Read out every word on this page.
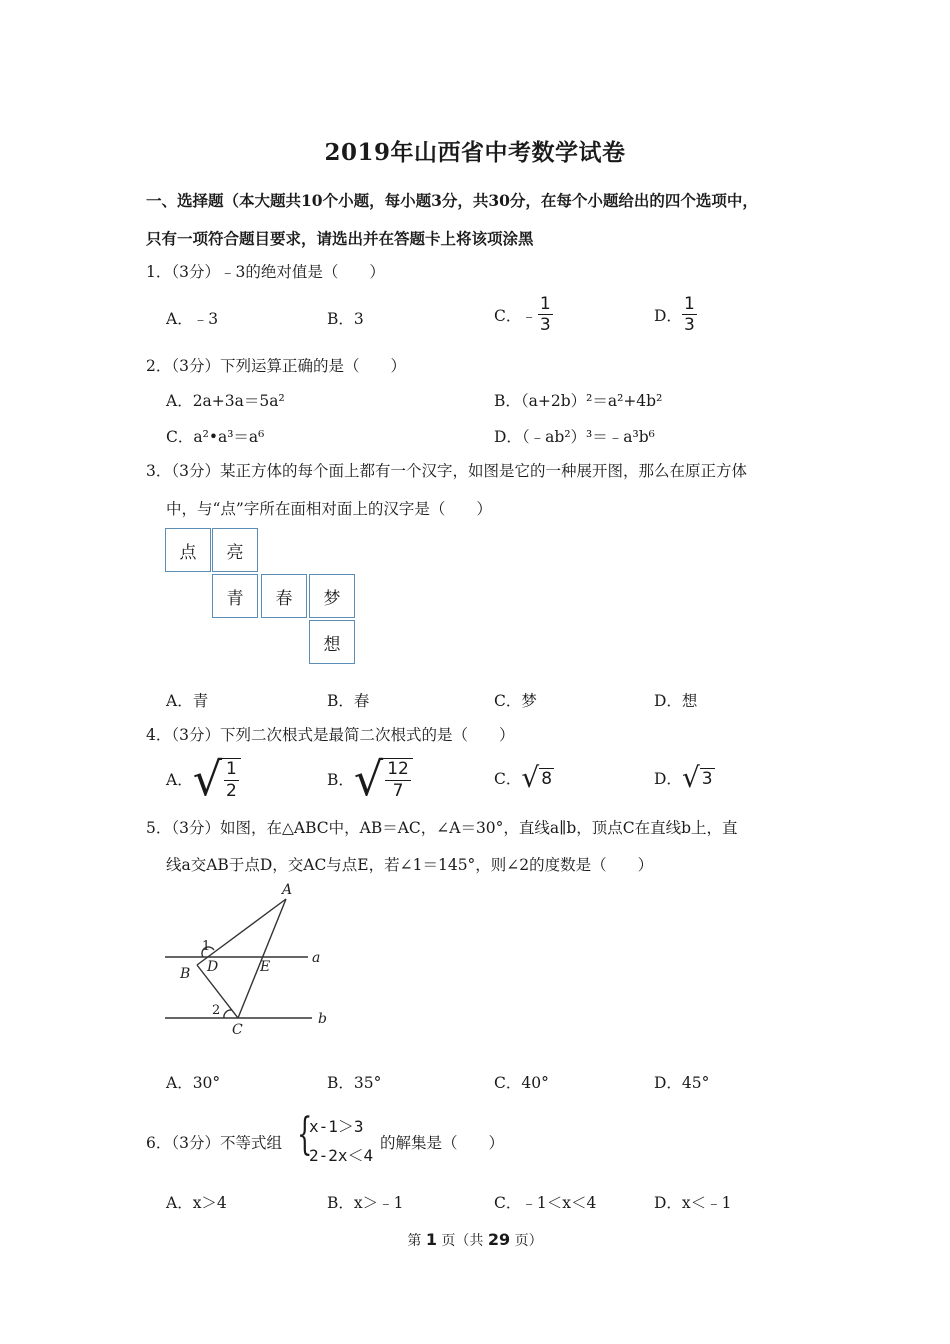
2019年山西省中考数学试卷
一、选择题（本大题共10个小题，每小题3分，共30分，在每个小题给出的四个选项中，
只有一项符合题目要求，请选出并在答题卡上将该项涂黑
1．（3分）﹣3的绝对值是（　　）
A．﹣3	B．3	C． ﹣ $\frac{1}{3}$	D． $\frac{1}{3}$
2．（3分）下列运算正确的是（　　）
A．2a+3a＝5a²	B．（a+2b）²＝a²+4b²
C．a²•a³＝a⁶	D．（﹣ab²）³＝﹣a³b⁶
3．（3分）某正方体的每个面上都有一个汉字，如图是它的一种展开图，那么在原正方体
中，与“点”字所在面相对面上的汉字是（　　）
点	亮
青	春	梦
想
A．青	B．春	C．梦	D．想
4．（3分）下列二次根式是最简二次根式的是（　　）
A． √ $\frac{1}{2}$	B． √ $\frac{12}{7}$	C． √ 8	D． √ 3
5．（3分）如图，在△ABC中，AB＝AC，∠A＝30°，直线a∥b，顶点C在直线b上，直
线a交AB于点D，交AC与点E，若∠1＝145°，则∠2的度数是（　　）
A
B
C
D	E
a
b
1
2
A．30°	B．35°	C．40°	D．45°
6．（3分）不等式组 {
x-1＞3
2-2x＜4
的解集是（　　）
A．x＞4	B．x＞﹣1	C．﹣1＜x＜4	D．x＜﹣1
第 1 页（共 29 页）
